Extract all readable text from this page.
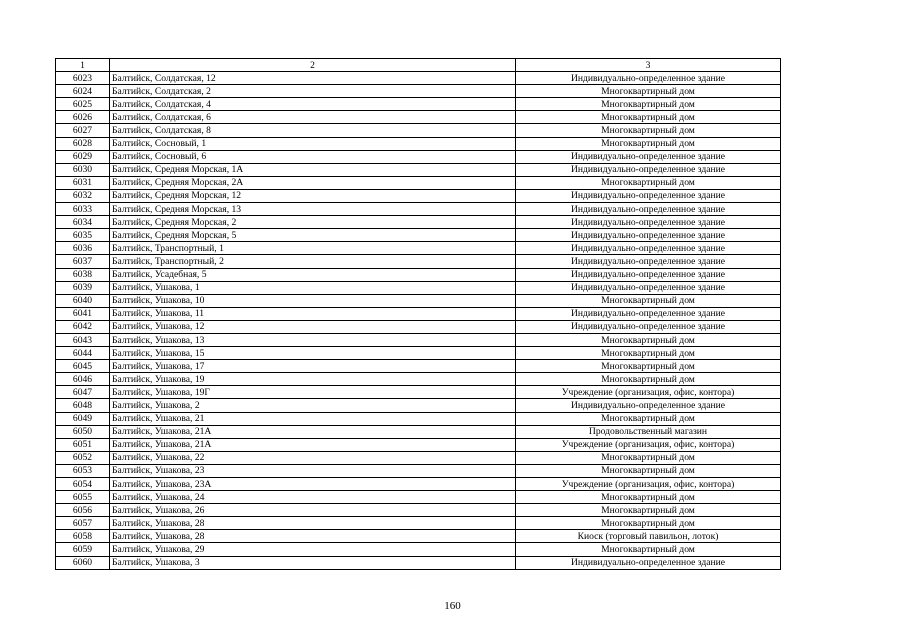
1	2	3
6023	Балтийск, Солдатская, 12	Индивидуально-определенное здание
6024	Балтийск, Солдатская, 2	Многоквартирный дом
6025	Балтийск, Солдатская, 4	Многоквартирный дом
6026	Балтийск, Солдатская, 6	Многоквартирный дом
6027	Балтийск, Солдатская, 8	Многоквартирный дом
6028	Балтийск, Сосновый, 1	Многоквартирный дом
6029	Балтийск, Сосновый, 6	Индивидуально-определенное здание
6030	Балтийск, Средняя Морская, 1А	Индивидуально-определенное здание
6031	Балтийск, Средняя Морская, 2А	Многоквартирный дом
6032	Балтийск, Средняя Морская, 12	Индивидуально-определенное здание
6033	Балтийск, Средняя Морская, 13	Индивидуально-определенное здание
6034	Балтийск, Средняя Морская, 2	Индивидуально-определенное здание
6035	Балтийск, Средняя Морская, 5	Индивидуально-определенное здание
6036	Балтийск, Транспортный, 1	Индивидуально-определенное здание
6037	Балтийск, Транспортный, 2	Индивидуально-определенное здание
6038	Балтийск, Усадебная, 5	Индивидуально-определенное здание
6039	Балтийск, Ушакова, 1	Индивидуально-определенное здание
6040	Балтийск, Ушакова, 10	Многоквартирный дом
6041	Балтийск, Ушакова, 11	Индивидуально-определенное здание
6042	Балтийск, Ушакова, 12	Индивидуально-определенное здание
6043	Балтийск, Ушакова, 13	Многоквартирный дом
6044	Балтийск, Ушакова, 15	Многоквартирный дом
6045	Балтийск, Ушакова, 17	Многоквартирный дом
6046	Балтийск, Ушакова, 19	Многоквартирный дом
6047	Балтийск, Ушакова, 19Г	Учреждение (организация, офис, контора)
6048	Балтийск, Ушакова, 2	Индивидуально-определенное здание
6049	Балтийск, Ушакова, 21	Многоквартирный дом
6050	Балтийск, Ушакова, 21А	Продовольственный магазин
6051	Балтийск, Ушакова, 21А	Учреждение (организация, офис, контора)
6052	Балтийск, Ушакова, 22	Многоквартирный дом
6053	Балтийск, Ушакова, 23	Многоквартирный дом
6054	Балтийск, Ушакова, 23А	Учреждение (организация, офис, контора)
6055	Балтийск, Ушакова, 24	Многоквартирный дом
6056	Балтийск, Ушакова, 26	Многоквартирный дом
6057	Балтийск, Ушакова, 28	Многоквартирный дом
6058	Балтийск, Ушакова, 28	Киоск (торговый павильон, лоток)
6059	Балтийск, Ушакова, 29	Многоквартирный дом
6060	Балтийск, Ушакова, 3	Индивидуально-определенное здание
160
